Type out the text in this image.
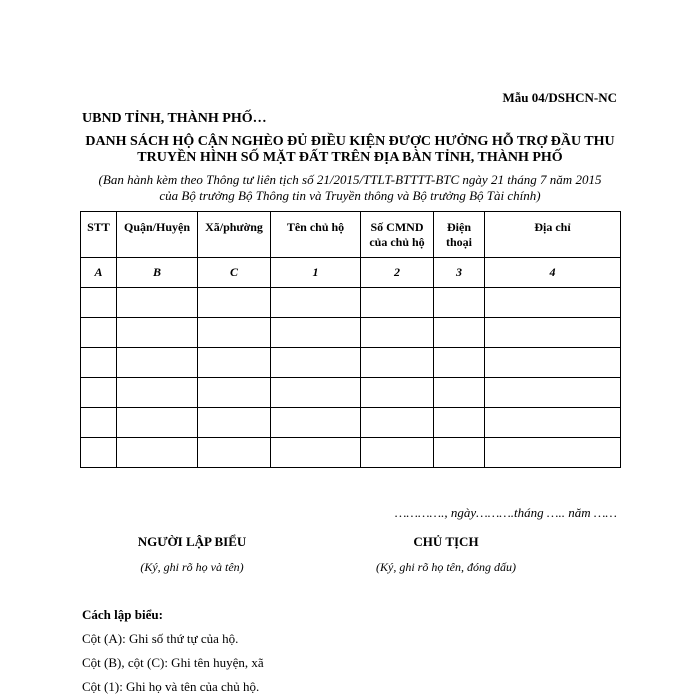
Mẫu 04/DSHCN-NC
UBND TỈNH, THÀNH PHỐ…
DANH SÁCH HỘ CẬN NGHÈO ĐỦ ĐIỀU KIỆN ĐƯỢC HƯỞNG HỖ TRỢ ĐẦU THU
TRUYỀN HÌNH SỐ MẶT ĐẤT TRÊN ĐỊA BÀN TỈNH, THÀNH PHỐ
(Ban hành kèm theo Thông tư liên tịch số 21/2015/TTLT-BTTTT-BTC ngày 21 tháng 7 năm 2015
của Bộ trưởng Bộ Thông tin và Truyền thông và Bộ trưởng Bộ Tài chính)
STT	Quận/Huyện	Xã/phường	Tên chủ hộ	Số CMND của chủ hộ	Điện thoại	Địa chỉ
A	B	C	1	2	3	4

…………., ngày……….tháng ….. năm ……
NGƯỜI LẬP BIỂU
(Ký, ghi rõ họ và tên)
CHỦ TỊCH
(Ký, ghi rõ họ tên, đóng dấu)
Cách lập biểu:
Cột (A): Ghi số thứ tự của hộ.
Cột (B), cột (C): Ghi tên huyện, xã
Cột (1): Ghi họ và tên của chủ hộ.
